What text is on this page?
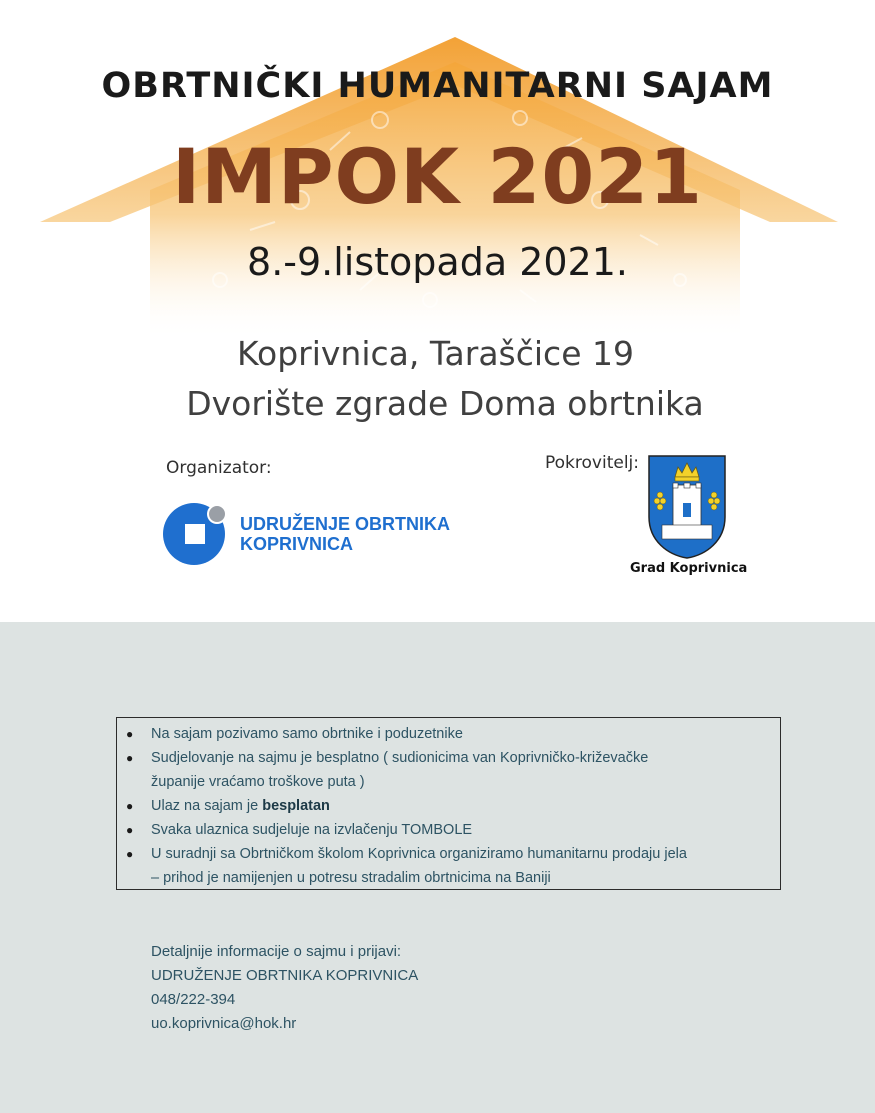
OBRTNIČKI HUMANITARNI SAJAM
IMPOK 2021
8.-9.listopada 2021.
Koprivnica, Taraščice 19
Dvorište zgrade Doma obrtnika
Organizator:	Pokrovitelj:
UDRUŽENJE OBRTNIKA
KOPRIVNICA
Grad Koprivnica
● Na sajam pozivamo samo obrtnike i poduzetnike
● Sudjelovanje na sajmu je besplatno ( sudionicima van Koprivničko-križevačke
županije vraćamo troškove puta )
● Ulaz na sajam je besplatan
● Svaka ulaznica sudjeluje na izvlačenju TOMBOLE
● U suradnji sa Obrtničkom školom Koprivnica organiziramo humanitarnu prodaju jela
– prihod je namijenjen u potresu stradalim obrtnicima na Baniji
Detaljnije informacije o sajmu i prijavi:
UDRUŽENJE OBRTNIKA KOPRIVNICA
048/222-394
uo.koprivnica@hok.hr
